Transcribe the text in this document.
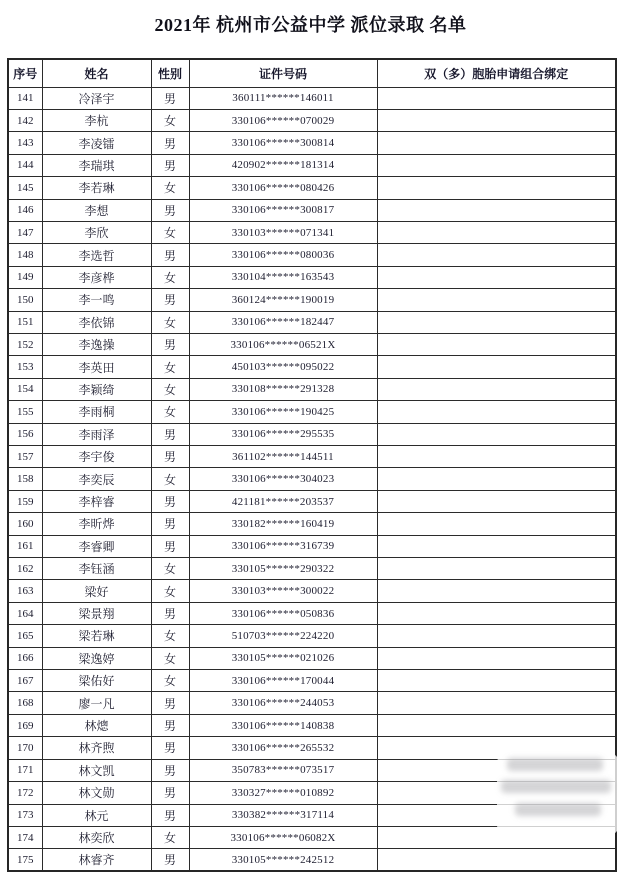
2021年 杭州市公益中学 派位录取 名单
序号	姓名	性别	证件号码	双（多）胞胎申请组合绑定
141	冷泽宇	男	360111******146011	
142	李杭	女	330106******070029	
143	李凌镭	男	330106******300814	
144	李瑞琪	男	420902******181314	
145	李若琳	女	330106******080426	
146	李想	男	330106******300817	
147	李欣	女	330103******071341	
148	李选哲	男	330106******080036	
149	李彦桦	女	330104******163543	
150	李一鸣	男	360124******190019	
151	李依锦	女	330106******182447	
152	李逸操	男	330106******06521X	
153	李英田	女	450103******095022	
154	李颖绮	女	330108******291328	
155	李雨桐	女	330106******190425	
156	李雨泽	男	330106******295535	
157	李宇俊	男	361102******144511	
158	李奕辰	女	330106******304023	
159	李梓睿	男	421181******203537	
160	李昕烨	男	330182******160419	
161	李睿卿	男	330106******316739	
162	李钰涵	女	330105******290322	
163	梁好	女	330103******300022	
164	梁景翔	男	330106******050836	
165	梁若琳	女	510703******224220	
166	梁逸婷	女	330105******021026	
167	梁佑好	女	330106******170044	
168	廖一凡	男	330106******244053	
169	林熜	男	330106******140838	
170	林齐煦	男	330106******265532	
171	林文凯	男	350783******073517	
172	林文勋	男	330327******010892	
173	林元	男	330382******317114	
174	林奕欣	女	330106******06082X	
175	林睿齐	男	330105******242512	
